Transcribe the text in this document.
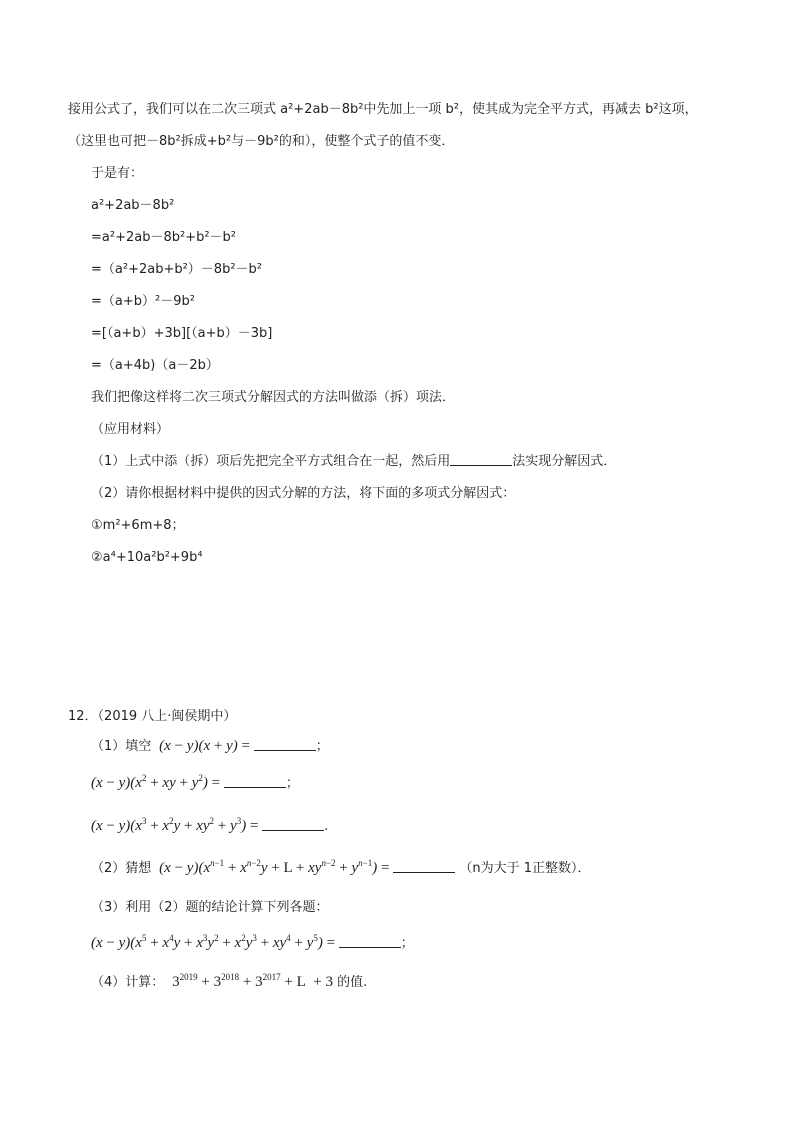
接用公式了，我们可以在二次三项式 a²+2ab－8b²中先加上一项 b²，使其成为完全平方式，再减去 b²这项，
（这里也可把－8b²拆成+b²与－9b²的和），使整个式子的值不变．
于是有：
a²+2ab－8b²
=a²+2ab－8b²+b²－b²
=（a²+2ab+b²）－8b²－b²
=（a+b）²－9b²
=[（a+b）+3b][（a+b）－3b]
=（a+4b)（a－2b）
我们把像这样将二次三项式分解因式的方法叫做添（拆）项法．
（应用材料）
（1）上式中添（拆）项后先把完全平方式组合在一起，然后用	法实现分解因式．
（2）请你根据材料中提供的因式分解的方法，将下面的多项式分解因式：
①m²+6m+8；
②a⁴+10a²b²+9b⁴
12．（2019 八上·闽侯期中）
（1）填空  (x − y)(x + y) =	；
$(x - y)(x^2$ + xy + $y^2$) =	；
$(x - y)(x^3 + x^2y + xy^2 + y^3)$ =	.
（2）猜想  $(x - y)(x^{n-1} + x^{n-2}y + L + xy^{n-2} + y^{n-1})$ =	（n为大于 1正整数）．
（3）利用（2）题的结论计算下列各题：
$(x - y)(x^5 + x^4y + x^3y^2 + x^2y^3 + xy^4 + y^5)$ =	；
（4）计算： $3^{2019} + 3^{2018} + 3^{2017} + L + 3$ 的值.
